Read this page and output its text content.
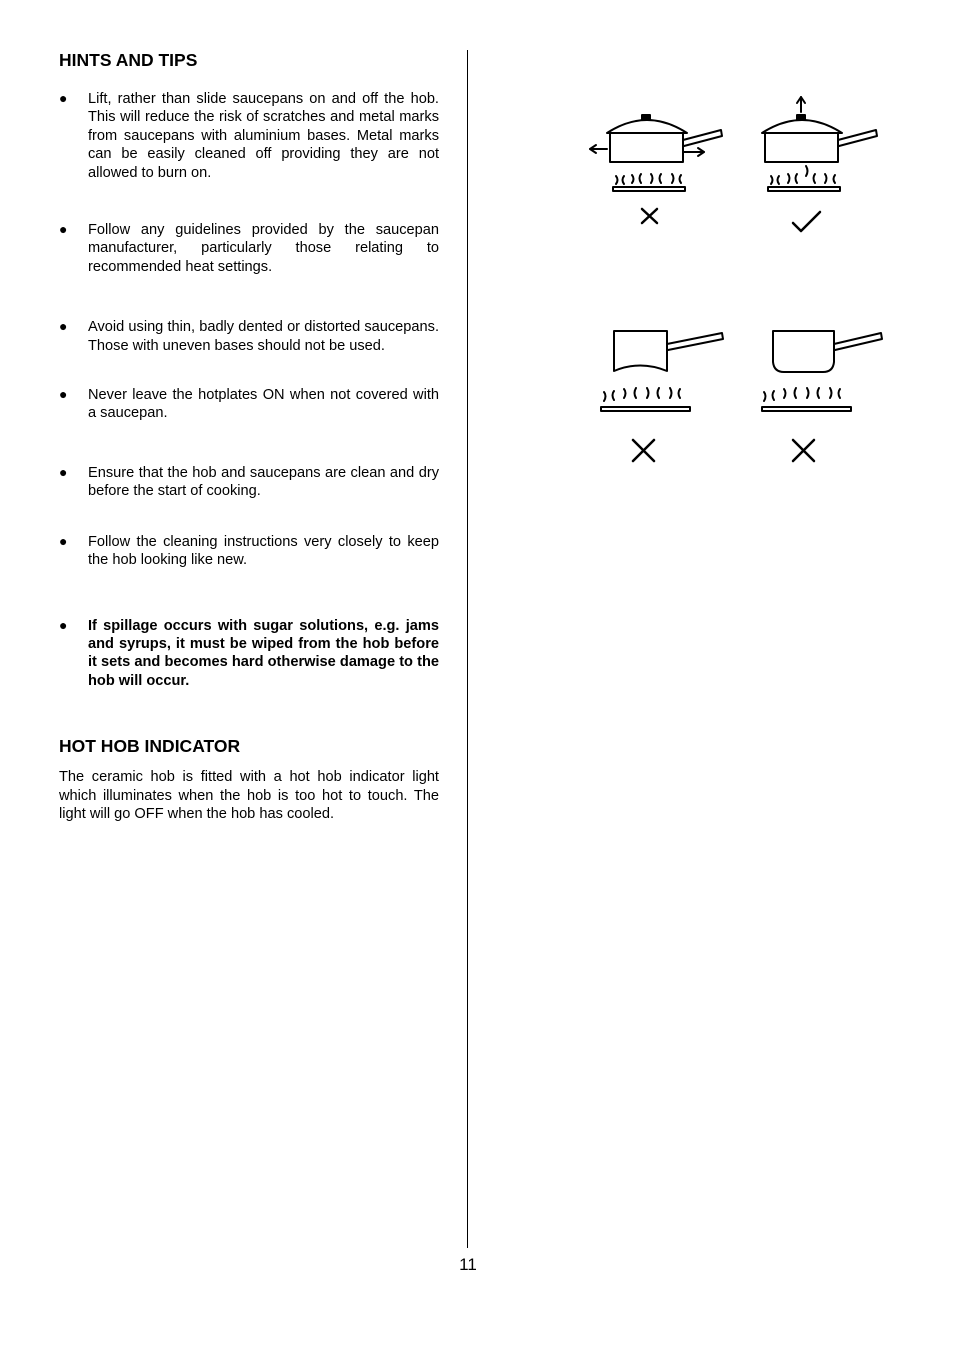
HINTS AND TIPS
● Lift, rather than slide saucepans on and off the hob. This will reduce the risk of scratches and metal marks from saucepans with aluminium bases. Metal marks can be easily cleaned off providing they are not allowed to burn on.
● Follow any guidelines provided by the saucepan manufacturer, particularly those relating to recommended heat settings.
● Avoid using thin, badly dented or distorted saucepans. Those with uneven bases should not be used.
● Never leave the hotplates ON when not covered with a saucepan.
● Ensure that the hob and saucepans are clean and dry before the start of cooking.
● Follow the cleaning instructions very closely to keep the hob looking like new.
● If spillage occurs with sugar solutions, e.g. jams and syrups, it must be wiped from the hob before it sets and becomes hard otherwise damage to the hob will occur.
HOT HOB INDICATOR

The ceramic hob is fitted with a hot hob indicator light which illuminates when the hob is too hot to touch. The light will go OFF when the hob has cooled.

11
